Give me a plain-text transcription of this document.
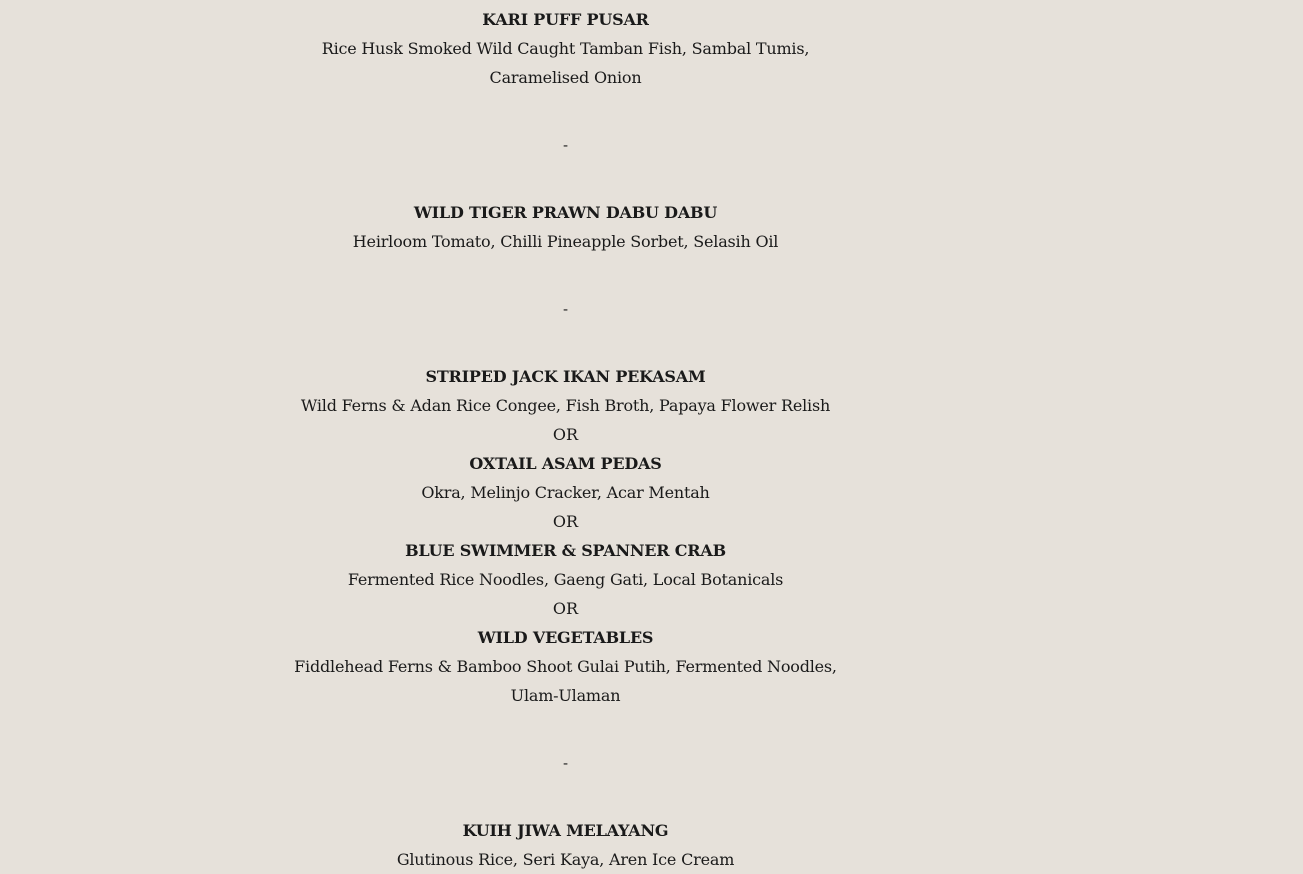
KARI PUFF PUSAR
Rice Husk Smoked Wild Caught Tamban Fish, Sambal Tumis,
Caramelised Onion
-
WILD TIGER PRAWN DABU DABU
Heirloom Tomato, Chilli Pineapple Sorbet, Selasih Oil
-
STRIPED JACK IKAN PEKASAM
Wild Ferns & Adan Rice Congee, Fish Broth, Papaya Flower Relish
OR
OXTAIL ASAM PEDAS
Okra, Melinjo Cracker, Acar Mentah
OR
BLUE SWIMMER & SPANNER CRAB
Fermented Rice Noodles, Gaeng Gati, Local Botanicals
OR
WILD VEGETABLES
Fiddlehead Ferns & Bamboo Shoot Gulai Putih, Fermented Noodles,
Ulam-Ulaman
-
KUIH JIWA MELAYANG
Glutinous Rice, Seri Kaya, Aren Ice Cream
